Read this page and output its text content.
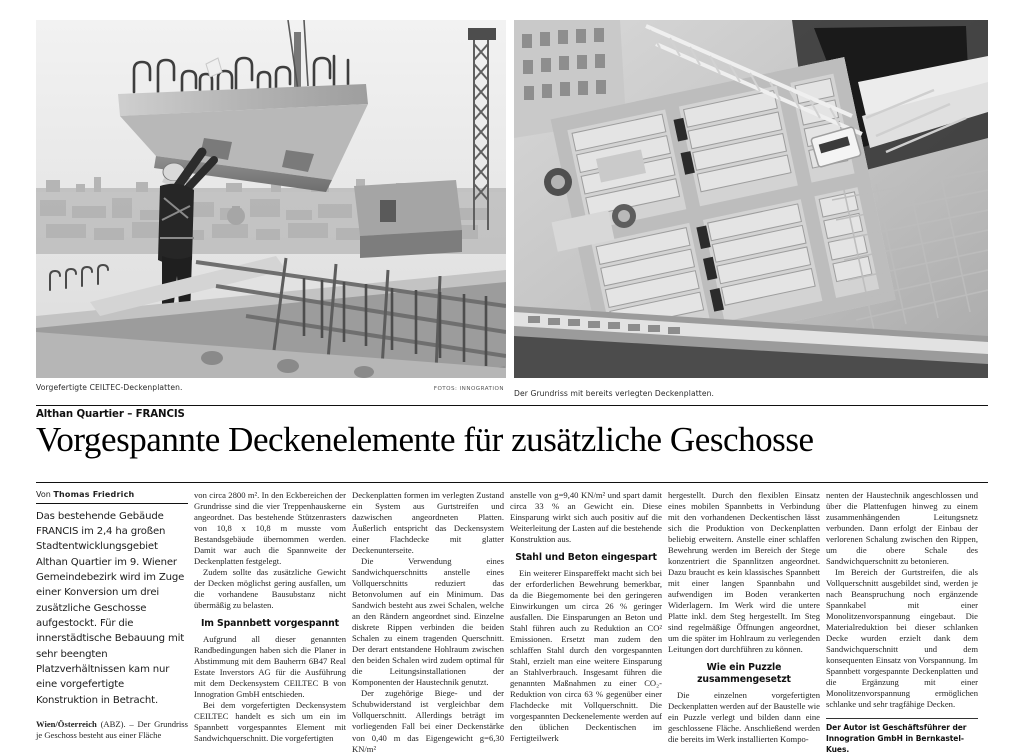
Vorgefertigte CEILTEC-Deckenplatten.	FOTOS: INNOGRATION Der Grundriss mit bereits verlegten Deckenplatten.
Althan Quartier – FRANCIS
Vorgespannte Deckenelemente für zusätzliche Geschosse
Von Thomas Friedrich
Das bestehende Gebäude FRANCIS im 2,4 ha großen Stadtentwicklungsgebiet Althan Quartier im 9. Wiener Gemeindebezirk wird im Zuge einer Konversion um drei zusätzliche Geschosse aufgestockt. Für die innerstädtische Bebauung mit sehr beengten Platzverhältnissen kam nur eine vorgefertigte Konstruktion in Betracht.

Wien/Österreich (ABZ). – Der Grundriss je Geschoss besteht aus einer Fläche

von circa 2800 m². In den Eckbereichen der Grundrisse sind die vier Treppenhauskerne angeordnet. Das bestehende Stützenrasters von 10,8 x 10,8 m musste vom Bestandsgebäude übernommen werden. Damit war auch die Spannweite der Deckenplatten festgelegt.

Zudem sollte das zusätzliche Gewicht der Decken möglichst gering ausfallen, um die vorhandene Bausubstanz nicht übermäßig zu belasten.

Im Spannbett vorgespannt

Aufgrund all dieser genannten Randbedingungen haben sich die Planer in Abstimmung mit dem Bauherrn 6B47 Real Estate Inverstors AG für die Ausführung mit dem Deckensystem CEILTEC B von Innogration GmbH entschieden.

Bei dem vorgefertigten Deckensystem CEILTEC handelt es sich um ein im Spannbett vorgespanntes Element mit Sandwichquerschnitt. Die vorgefertigten

Deckenplatten formen im verlegten Zustand ein System aus Gurtstreifen und dazwischen angeordneten Platten. Äußerlich entspricht das Deckensystem einer Flachdecke mit glatter Deckenunterseite.

Die Verwendung eines Sandwichquerschnitts anstelle eines Vollquerschnitts reduziert das Betonvolumen auf ein Minimum. Das Sandwich besteht aus zwei Schalen, welche an den Rändern angeordnet sind. Einzelne diskrete Rippen verbinden die beiden Schalen zu einem tragenden Querschnitt. Der derart entstandene Hohlraum zwischen den beiden Schalen wird zudem optimal für die Leitungsinstallationen der Komponenten der Haustechnik genutzt.

Der zugehörige Biege- und der Schubwiderstand ist vergleichbar dem Vollquerschnitt. Allerdings beträgt im vorliegenden Fall bei einer Deckenstärke von 0,40 m das Eigengewicht g=6,30 KN/m²

anstelle von g=9,40 KN/m² und spart damit circa 33 % an Gewicht ein. Diese Einsparung wirkt sich auch positiv auf die Weiterleitung der Lasten auf die bestehende Konstruktion aus.

Stahl und Beton eingespart

Ein weiterer Einspareffekt macht sich bei der erforderlichen Bewehrung bemerkbar, da die Biegemomente bei den geringeren Einwirkungen um circa 26 % geringer ausfallen. Die Einsparungen an Beton und Stahl führen auch zu Reduktion an CO² Emissionen. Ersetzt man zudem den schlaffen Stahl durch den vorgespannten Stahl, erzielt man eine weitere Einsparung an Stahlverbrauch. Insgesamt führen die genannten Maßnahmen zu einer CO₂-Reduktion von circa 63 % gegenüber einer Flachdecke mit Vollquerschnitt. Die vorgespannten Deckenelemente werden auf den üblichen Deckentischen im Fertigteilwerk

hergestellt. Durch den flexiblen Einsatz eines mobilen Spannbetts in Verbindung mit den vorhandenen Deckentischen lässt sich die Produktion von Deckenplatten beliebig erweitern. Anstelle einer schlaffen Bewehrung werden im Bereich der Stege konzentriert die Spannlitzen angeordnet. Dazu braucht es kein klassisches Spannbett mit einer langen Spannbahn und aufwendigen im Boden verankerten Widerlagern. Im Werk wird die untere Platte inkl. dem Steg hergestellt. Im Steg sind regelmäßige Öffnungen angeordnet, um die später im Hohlraum zu verlegenden Leitungen dort durchführen zu können.

Wie ein Puzzle zusammengesetzt

Die einzelnen vorgefertigten Deckenplatten werden auf der Baustelle wie ein Puzzle verlegt und bilden dann eine geschlossene Fläche. Anschließend werden die bereits im Werk installierten Kompo-

nenten der Haustechnik angeschlossen und über die Plattenfugen hinweg zu einem zusammenhängenden Leitungsnetz verbunden. Dann erfolgt der Einbau der verlorenen Schalung zwischen den Rippen, um die obere Schale des Sandwichquerschnitt zu betonieren.

Im Bereich der Gurtstreifen, die als Vollquerschnitt ausgebildet sind, werden je nach Beanspruchung noch ergänzende Spannkabel mit einer Monolitzenvorspannung eingebaut. Die Materialreduktion bei dieser schlanken Decke wurden erzielt dank dem Sandwichquerschnitt und dem konsequenten Einsatz von Vorspannung. Im Spannbett vorgespannte Deckenplatten und die Ergänzung mit einer Monolitzenvorspannung ermöglichen schlanke und sehr tragfähige Decken.

Der Autor ist Geschäftsführer der Innogration GmbH in Bernkastel-Kues.
